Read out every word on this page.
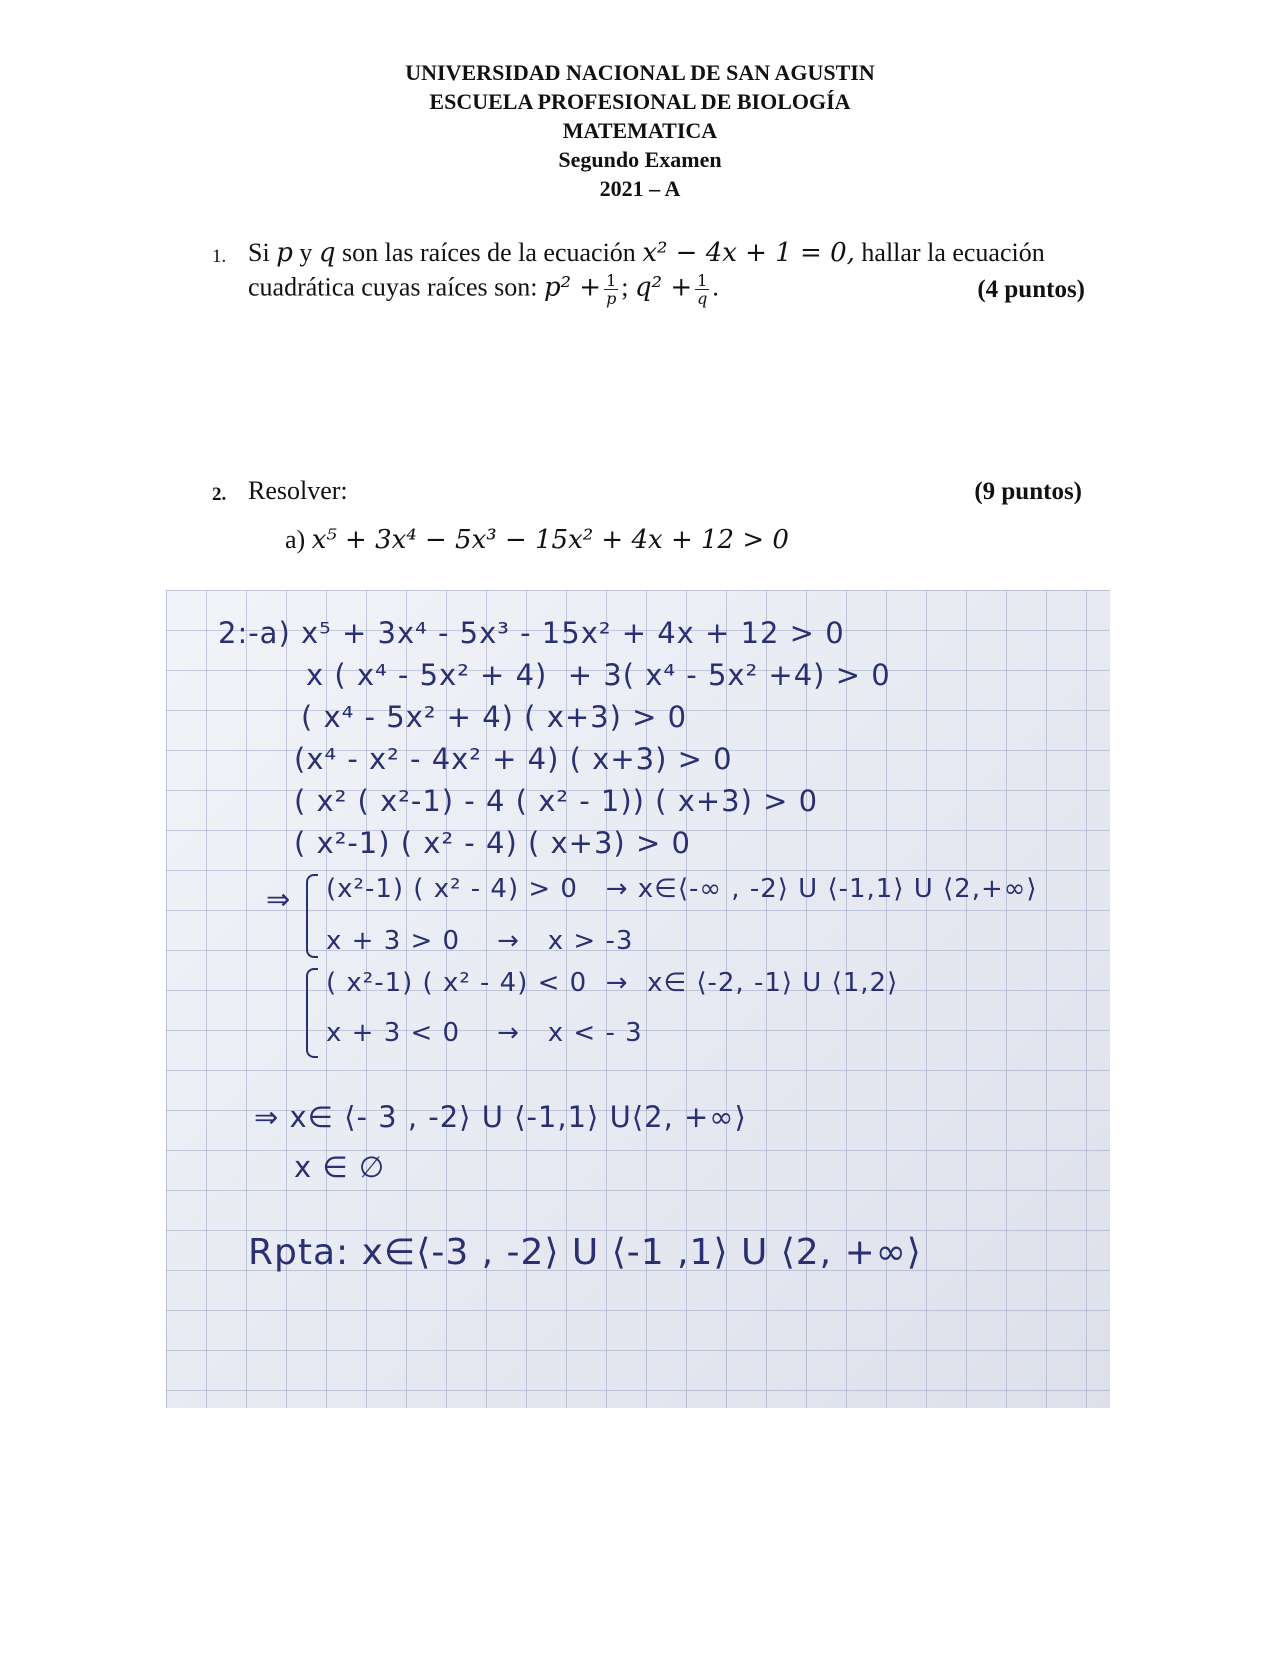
UNIVERSIDAD NACIONAL DE SAN AGUSTIN
ESCUELA PROFESIONAL DE BIOLOGÍA
MATEMATICA
Segundo Examen
2021 – A
1. Si p y q son las raíces de la ecuación x² − 4x + 1 = 0, hallar la ecuación
cuadrática cuyas raíces son: $p^2 + \frac{1}{p}$ ; $q^2 + \frac{1}{q}$ .	(4 puntos)
2. Resolver:	(9 puntos)
a) x⁵ + 3x⁴ − 5x³ − 15x² + 4x + 12 > 0
2:-a) x⁵ + 3x⁴ - 5x³ - 15x² + 4x + 12 > 0
x ( x⁴ - 5x² + 4)  + 3( x⁴ - 5x² +4) > 0
( x⁴ - 5x² + 4) ( x+3) > 0
(x⁴ - x² - 4x² + 4) ( x+3) > 0
( x² ( x²-1) - 4 ( x² - 1)) ( x+3) > 0
( x²-1) ( x² - 4) ( x+3) > 0
⇒ (x²-1) ( x² - 4) > 0   → x∈⟨-∞ , -2⟩ U ⟨-1,1⟩ U ⟨2,+∞⟩
x + 3 > 0    →   x > -3
( x²-1) ( x² - 4) < 0  →  x∈ ⟨-2, -1⟩ U ⟨1,2⟩
x + 3 < 0    →   x < - 3
⇒ x∈ ⟨- 3 , -2⟩ U ⟨-1,1⟩ U⟨2, +∞⟩
x ∈ ∅
Rpta: x∈⟨-3 , -2⟩ U ⟨-1 ,1⟩ U ⟨2, +∞⟩
